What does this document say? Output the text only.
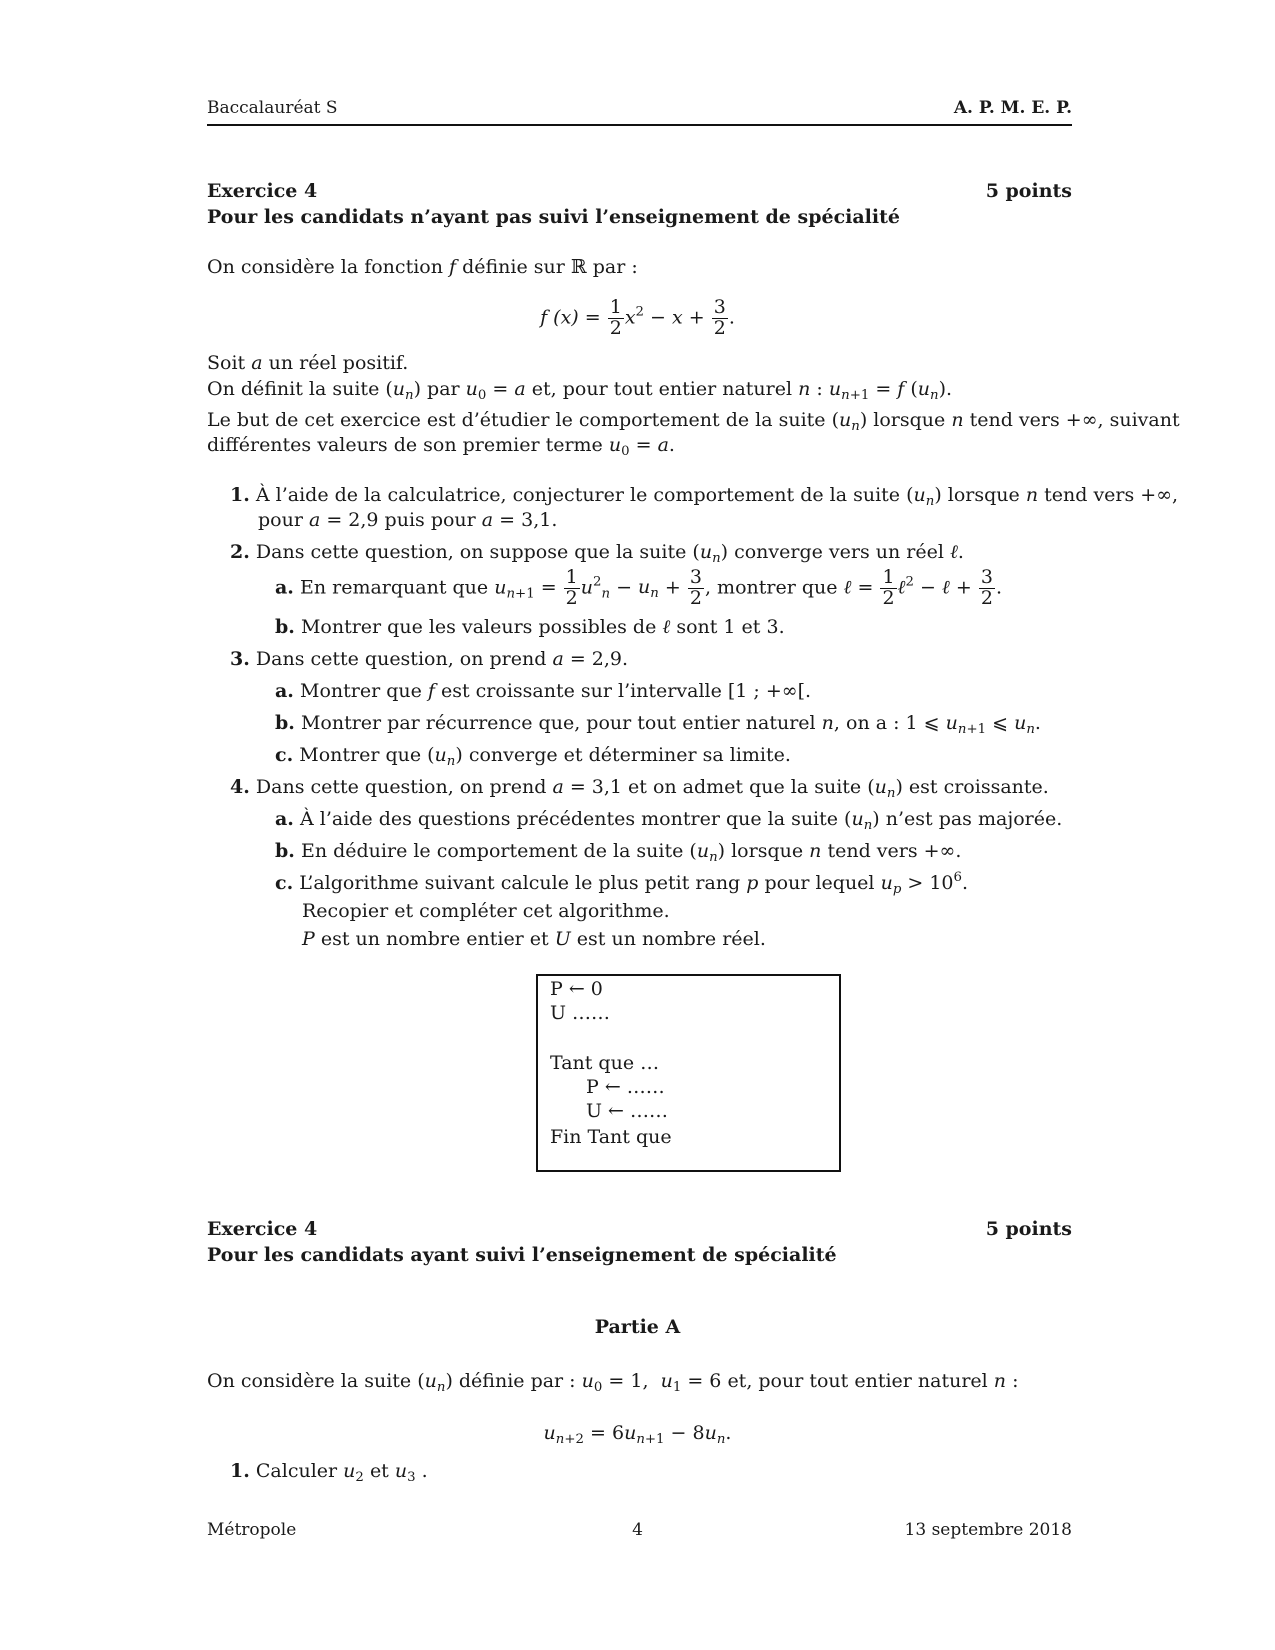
Baccalauréat S	A. P. M. E. P.
Exercice 4	5 points
Pour les candidats n’ayant pas suivi l’enseignement de spécialité
On considère la fonction f définie sur ℝ par :
f $(x) = \frac{1}{2} x^2 - x + \frac{3}{2}$ .
Soit a un réel positif.
On définit la suite $(u_n)$ par $u_0 = a$ et, pour tout entier naturel n : $u_{n+1} = f$ $(u_n)$.
Le but de cet exercice est d’étudier le comportement de la suite $(u_n)$ lorsque n tend vers +∞, suivant
différentes valeurs de son premier terme $u_0 = a$.
1. À l’aide de la calculatrice, conjecturer le comportement de la suite $(u_n)$ lorsque n tend vers +∞,
pour a = 2,9 puis pour a = 3,1.
2. Dans cette question, on suppose que la suite $(u_n)$ converge vers un réel ℓ.
a. En remarquant que $u_{n+1} = \frac{1}{2} u^2_n - u_n + \frac{3}{2}$ , montrer que ℓ = $\frac{1}{2}$ ℓ$^2$ − ℓ + $\frac{3}{2}$ .
b. Montrer que les valeurs possibles de ℓ sont 1 et 3.
3. Dans cette question, on prend a = 2,9.
a. Montrer que f est croissante sur l’intervalle [1 ; +∞[.
b. Montrer par récurrence que, pour tout entier naturel n, on a : 1 ⩽ $u_{n+1}$ ⩽ $u_n$.
c. Montrer que $(u_n)$ converge et déterminer sa limite.
4. Dans cette question, on prend a = 3,1 et on admet que la suite $(u_n)$ est croissante.
a. À l’aide des questions précédentes montrer que la suite $(u_n)$ n’est pas majorée.
b. En déduire le comportement de la suite $(u_n)$ lorsque n tend vers +∞.
c. L’algorithme suivant calcule le plus petit rang p pour lequel $u_p > 10^6$.
Recopier et compléter cet algorithme.
P est un nombre entier et U est un nombre réel.
P ← 0
U ……
Tant que …
P ← ……
U ← ……
Fin Tant que
Exercice 4	5 points
Pour les candidats ayant suivi l’enseignement de spécialité
Partie A
On considère la suite $(u_n)$ définie par : $u_0 = 1$,  $u_1 = 6$ et, pour tout entier naturel n :
$u_{n+2} = 6u_{n+1} - 8u_n$.
1. Calculer $u_2$ et $u_3$ .
Métropole	4	13 septembre 2018
